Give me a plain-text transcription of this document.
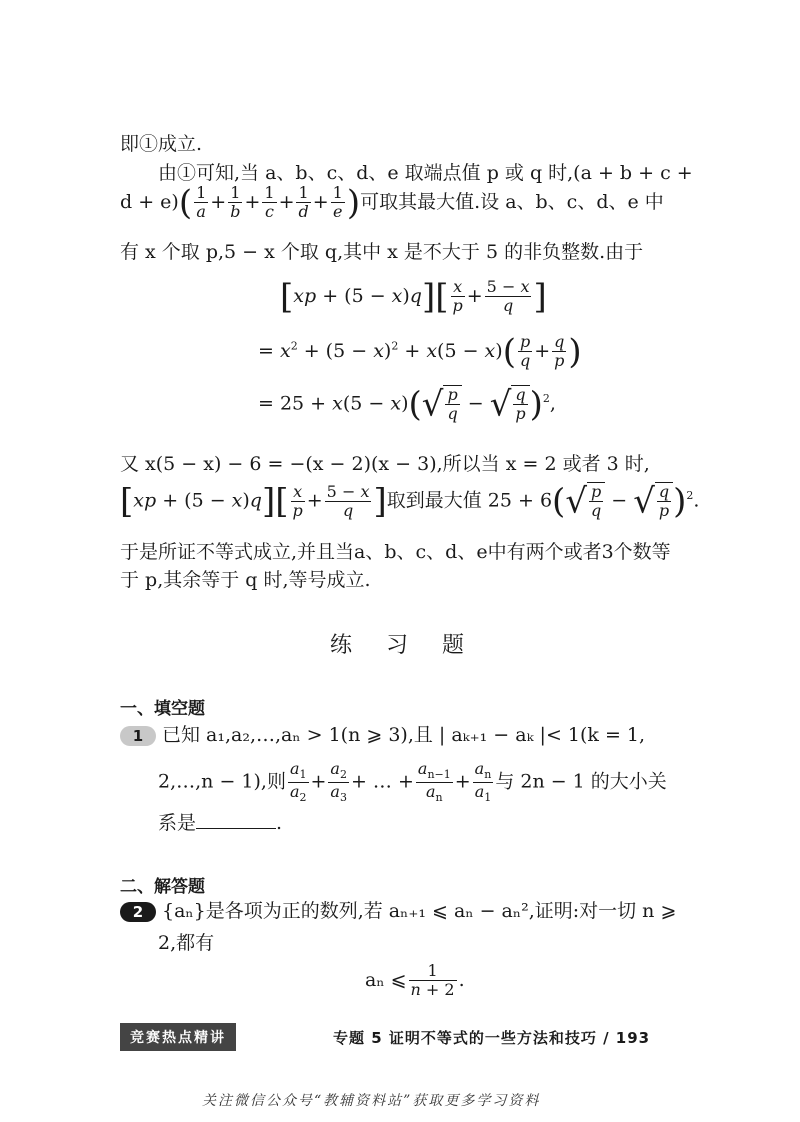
即①成立.
由①可知,当 a、b、c、d、e 取端点值 p 或 q 时,(a + b + c +
$d + e)( \frac{1}{a} + \frac{1}{b} + \frac{1}{c} + \frac{1}{d} + \frac{1}{e}$ )可取其最大值.设 a、b、c、d、e 中
有 x 个取 p,5 − x 个取 q,其中 x 是不大于 5 的非负整数.由于
$[xp + (5 - x)q][ \frac{x}{p} + \frac{5 - x}{q}$ ]
= $x^2 + (5 - x)^2 + x(5 - x)( \frac{p}{q} + \frac{q}{p}$ )
= $25 + x(5 - x)(√ \frac{p}{q}$ − √ $\frac{q}{p} )^2$,
又 x(5 − x) − 6 = −(x − 2)(x − 3),所以当 x = 2 或者 3 时,
$[xp + (5 - x)q][ \frac{x}{p} + \frac{5 - x}{q}$ ]取到最大值 $25 + 6(√ \frac{p}{q}$ − √ $\frac{q}{p} )^2$.
于是所证不等式成立,并且当a、b、c、d、e中有两个或者3个数等
于 p,其余等于 q 时,等号成立.
练习题
一、填空题
1 已知 a₁,a₂,…,aₙ > 1(n ⩾ 3),且 | aₖ₊₁ − aₖ |< 1(k = 1,
2,…,n − 1),则 $\frac{a_1}{a_2} + \frac{a_2}{a_3}$ + … + $\frac{a_{n-1}}{a_n} + \frac{a_n}{a_1}$ 与 2n − 1 的大小关
系是	.
二、解答题
2 {aₙ}是各项为正的数列,若 aₙ₊₁ ⩽ aₙ − aₙ²,证明:对一切 n ⩾
2,都有
aₙ ⩽ $\frac{1}{n + 2}$ .
竞赛热点精讲	专题 5 证明不等式的一些方法和技巧 / 193
关注微信公众号“教辅资料站”获取更多学习资料
